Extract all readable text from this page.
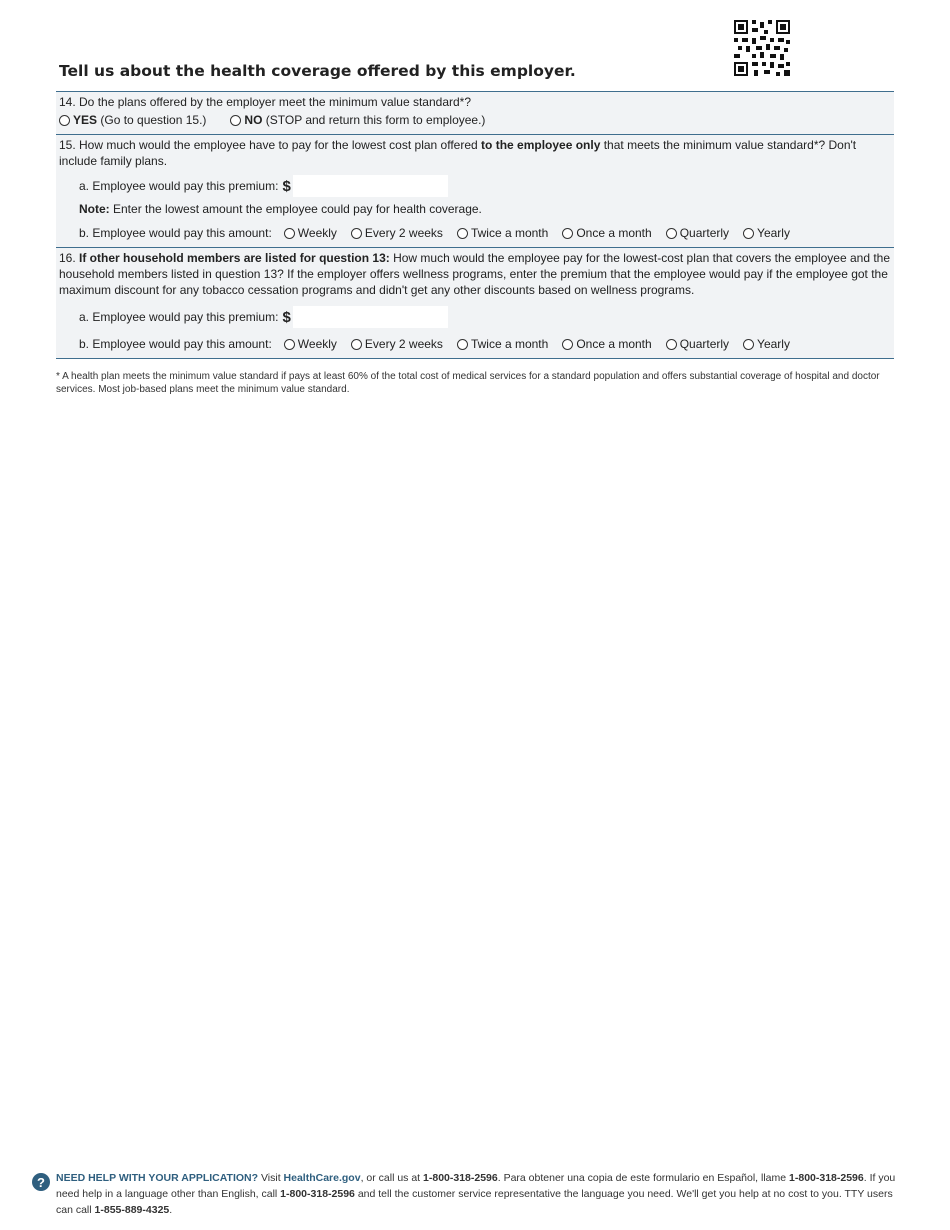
Tell us about the health coverage offered by this employer.
14. Do the plans offered by the employer meet the minimum value standard*?
YES
(Go to question 15.)	NO
(STOP and return this form to employee.)
15. How much would the employee have to pay for the lowest cost plan offered to the employee only that meets the minimum value standard*? Don't include family plans.
a. Employee would pay this premium: $
Note: Enter the lowest amount the employee could pay for health coverage.
b. Employee would pay this amount: Weekly Every 2 weeks Twice a month Once a month Quarterly Yearly
16. If other household members are listed for question 13: How much would the employee pay for the lowest-cost plan that covers the employee and the household members listed in question 13? If the employer offers wellness programs, enter the premium that the employee would pay if the employee got the maximum discount for any tobacco cessation programs and didn't get any other discounts based on wellness programs.
a. Employee would pay this premium: $
b. Employee would pay this amount: Weekly Every 2 weeks Twice a month Once a month Quarterly Yearly
* A health plan meets the minimum value standard if pays at least 60% of the total cost of medical services for a standard population and offers substantial coverage of hospital and doctor services. Most job-based plans meet the minimum value standard.
?	NEED HELP WITH YOUR APPLICATION? Visit HealthCare.gov, or call us at 1-800-318-2596. Para obtener una copia de este formulario en Español, llame 1-800-318-2596. If you need help in a language other than English, call 1-800-318-2596 and tell the customer service representative the language you need. We'll get you help at no cost to you. TTY users can call 1-855-889-4325.
